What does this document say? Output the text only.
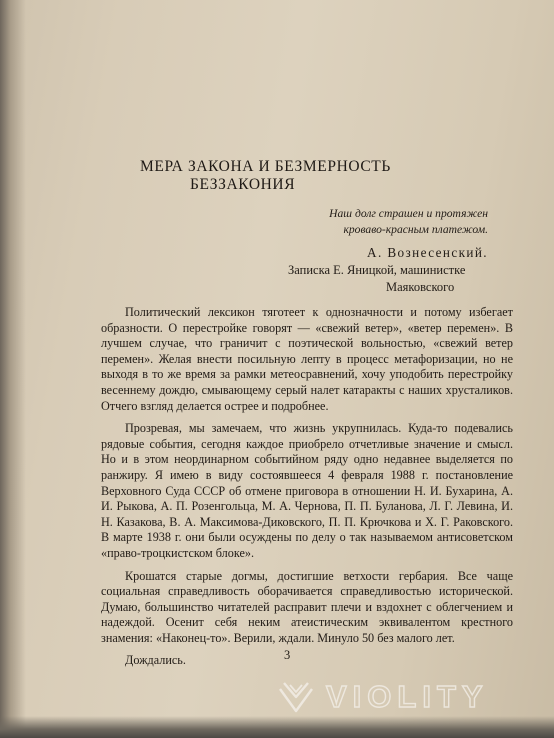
МЕРА ЗАКОНА И БЕЗМЕРНОСТЬ
БЕЗЗАКОНИЯ
Наш долг страшен и протяжен
кроваво-красным платежом.
А. Вознесенский.
Записка Е. Яницкой, машинистке
Маяковского

Политический лексикон тяготеет к однозначности и потому избегает образности. О перестройке говорят — «свежий ветер», «ветер перемен». В лучшем случае, что граничит с поэтической вольностью, «свежий ветер перемен». Желая внести посильную лепту в процесс метафоризации, но не выходя в то же время за рамки метеосравнений, хочу уподобить перестройку весеннему дождю, смывающему серый налет катаракты с наших хрусталиков. Отчего взгляд делается острее и подробнее.

Прозревая, мы замечаем, что жизнь укрупнилась. Куда-то подевались рядовые события, сегодня каждое приобрело отчетливые значение и смысл. Но и в этом неординарном событийном ряду одно недавнее выделяется по ранжиру. Я имею в виду состоявшееся 4 февраля 1988 г. постановление Верховного Суда СССР об отмене приговора в отношении Н. И. Бухарина, А. И. Рыкова, А. П. Розенгольца, М. А. Чернова, П. П. Буланова, Л. Г. Левина, И. Н. Казакова, В. А. Максимова-Диковского, П. П. Крючкова и Х. Г. Раковского. В марте 1938 г. они были осуждены по делу о так называемом антисоветском «право-троцкистском блоке».

Крошатся старые догмы, достигшие ветхости гербария. Все чаще социальная справедливость оборачивается справедливостью исторической. Думаю, большинство читателей расправит плечи и вздохнет с облегчением и надеждой. Осенит себя неким атеистическим эквивалентом крестного знамения: «Наконец-то». Верили, ждали. Минуло 50 без малого лет.

Дождались.	3
VIOLITY
